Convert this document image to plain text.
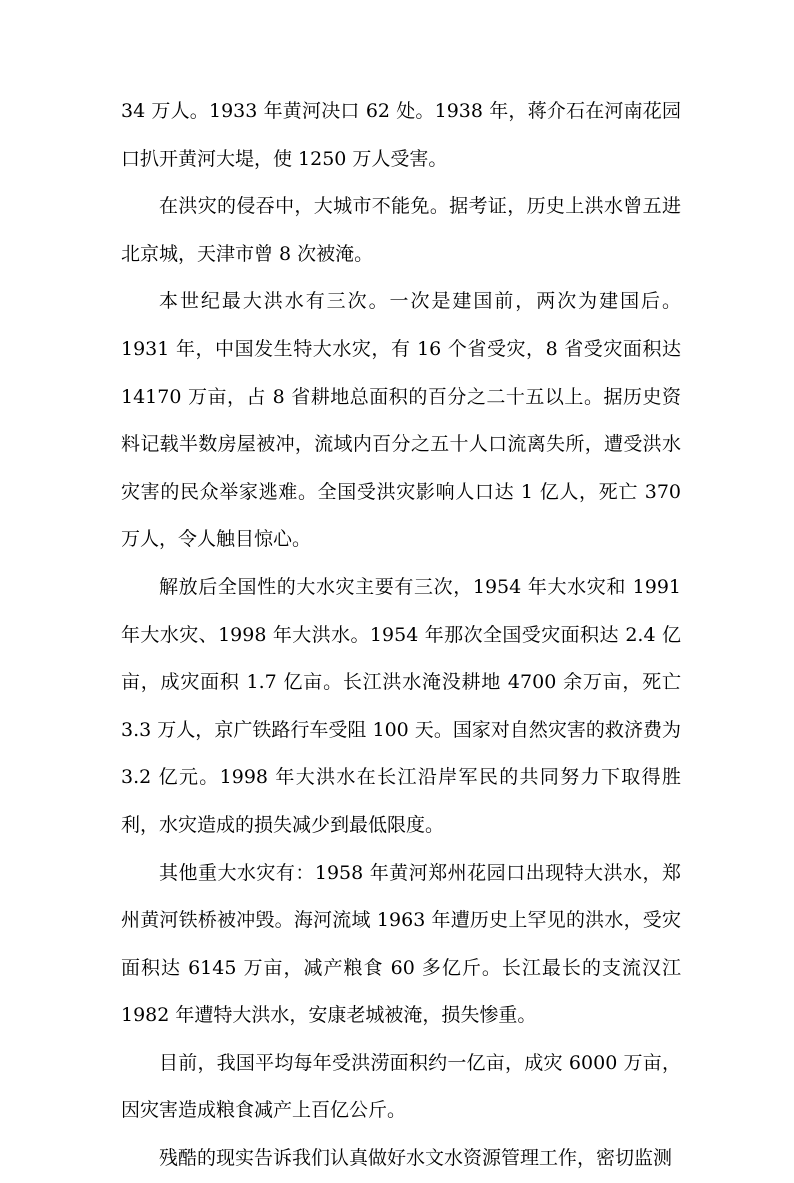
34 万人。1933 年黄河决口 62 处。1938 年，蒋介石在河南花园口扒开黄河大堤，使 1250 万人受害。

在洪灾的侵吞中，大城市不能免。据考证，历史上洪水曾五进北京城，天津市曾 8 次被淹。

本世纪最大洪水有三次。一次是建国前，两次为建国后。1931 年，中国发生特大水灾，有 16 个省受灾，8 省受灾面积达 14170 万亩，占 8 省耕地总面积的百分之二十五以上。据历史资料记载半数房屋被冲，流域内百分之五十人口流离失所，遭受洪水灾害的民众举家逃难。全国受洪灾影响人口达 1 亿人，死亡 370 万人，令人触目惊心。

解放后全国性的大水灾主要有三次，1954 年大水灾和 1991 年大水灾、1998 年大洪水。1954 年那次全国受灾面积达 2.4 亿亩，成灾面积 1.7 亿亩。长江洪水淹没耕地 4700 余万亩，死亡 3.3 万人，京广铁路行车受阻 100 天。国家对自然灾害的救济费为 3.2 亿元。1998 年大洪水在长江沿岸军民的共同努力下取得胜利，水灾造成的损失减少到最低限度。

其他重大水灾有：1958 年黄河郑州花园口出现特大洪水，郑州黄河铁桥被冲毁。海河流域 1963 年遭历史上罕见的洪水，受灾面积达 6145 万亩，减产粮食 60 多亿斤。长江最长的支流汉江 1982 年遭特大洪水，安康老城被淹，损失惨重。

目前，我国平均每年受洪涝面积约一亿亩，成灾 6000 万亩，因灾害造成粮食减产上百亿公斤。

残酷的现实告诉我们认真做好水文水资源管理工作，密切监测
